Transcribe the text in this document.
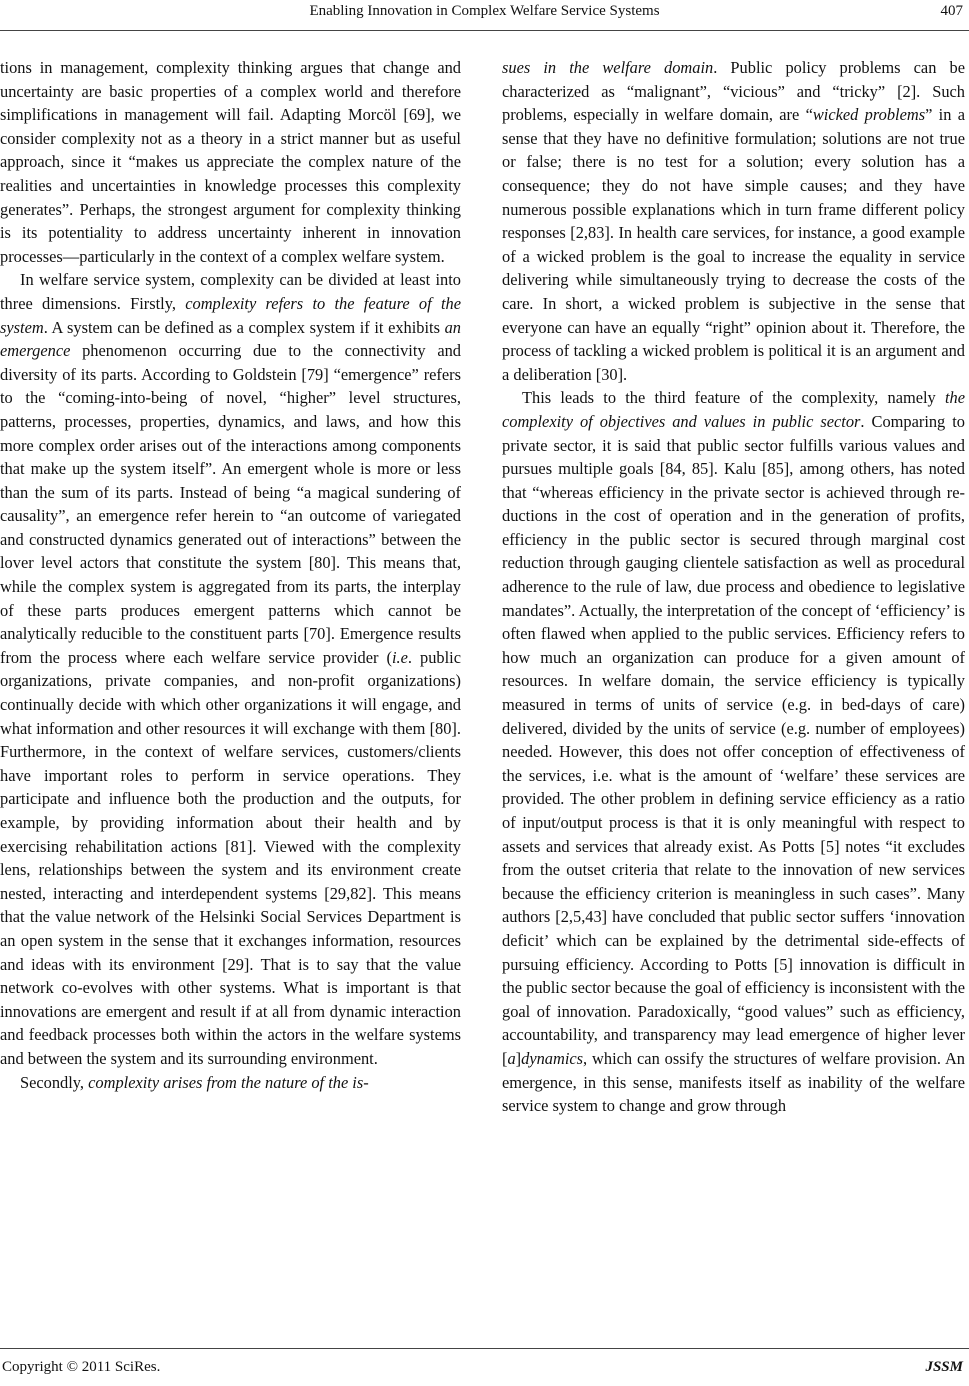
Enabling Innovation in Complex Welfare Service Systems	407

tions in management, complexity thinking argues that change and uncertainty are basic properties of a complex world and therefore simplifications in management will fail. Adapting Morcöl [69], we consider complexity not as a theory in a strict manner but as useful approach, since it “makes us appreciate the complex nature of the realities and uncertainties in knowledge processes this complexity generates”. Perhaps, the strongest argument for complexity thinking is its potentiality to address uncertainty inherent in innovation processes—particularly in the context of a complex welfare system.

In welfare service system, complexity can be divided at least into three dimensions. Firstly, complexity refers to the feature of the system. A system can be defined as a complex system if it exhibits an emergence phenomenon occurring due to the connectivity and diversity of its parts. According to Goldstein [79] “emergence” refers to the “coming-into-being of novel, “higher” level structures, patterns, processes, properties, dynamics, and laws, and how this more complex order arises out of the interactions among components that make up the system itself”. An emergent whole is more or less than the sum of its parts. Instead of being “a magical sundering of causality”, an emergence refer herein to “an outcome of variegated and constructed dynamics generated out of interactions” between the lover level actors that constitute the system [80]. This means that, while the complex system is aggregated from its parts, the interplay of these parts produces emergent patterns which cannot be analytically reducible to the constituent parts [70]. Emergence results from the process where each welfare service provider (i.e. public organizations, private companies, and non-profit organizations) continually decide with which other organizations it will engage, and what information and other resources it will exchange with them [80]. Furthermore, in the context of welfare services, customers/clients have important roles to perform in service operations. They participate and influence both the production and the outputs, for example, by providing information about their health and by exercising rehabilitation actions [81]. Viewed with the complexity lens, relationships between the system and its environment create nested, interacting and interdependent systems [29,82]. This means that the value network of the Helsinki Social Services Department is an open system in the sense that it exchanges information, resources and ideas with its environment [29]. That is to say that the value network co-evolves with other systems. What is important is that innovations are emergent and result if at all from dynamic interaction and feedback processes both within the actors in the welfare systems and between the system and its surrounding environment.

Secondly, complexity arises from the nature of the is-

sues in the welfare domain. Public policy problems can be characterized as “malignant”, “vicious” and “tricky” [2]. Such problems, especially in welfare domain, are “wicked problems” in a sense that they have no definitive formulation; solutions are not true or false; there is no test for a solution; every solution has a consequence; they do not have simple causes; and they have numerous possible explanations which in turn frame different policy responses [2,83]. In health care services, for instance, a good example of a wicked problem is the goal to increase the equality in service delivering while simultaneously trying to decrease the costs of the care. In short, a wicked problem is subjective in the sense that everyone can have an equally “right” opinion about it. Therefore, the process of tackling a wicked problem is political it is an argument and a deliberation [30].

This leads to the third feature of the complexity, namely the complexity of objectives and values in public sector. Comparing to private sector, it is said that public sector fulfills various values and pursues multiple goals [84, 85]. Kalu [85], among others, has noted that “whereas efficiency in the private sector is achieved through reductions in the cost of operation and in the generation of profits, efficiency in the public sector is secured through marginal cost reduction through gauging clientele satisfaction as well as procedural adherence to the rule of law, due process and obedience to legislative mandates”. Actually, the interpretation of the concept of ‘efficiency’ is often flawed when applied to the public services. Efficiency refers to how much an organization can produce for a given amount of resources. In welfare domain, the service efficiency is typically measured in terms of units of service (e.g. in bed-days of care) delivered, divided by the units of service (e.g. number of employees) needed. However, this does not offer conception of effectiveness of the services, i.e. what is the amount of ‘welfare’ these services are provided. The other problem in defining service efficiency as a ratio of input/output process is that it is only meaningful with respect to assets and services that already exist. As Potts [5] notes “it excludes from the outset criteria that relate to the innovation of new services because the efficiency criterion is meaningless in such cases”. Many authors [2,5,43] have concluded that public sector suffers ‘innovation deficit’ which can be explained by the detrimental side-effects of pursuing efficiency. According to Potts [5] innovation is difficult in the public sector because the goal of efficiency is inconsistent with the goal of innovation. Paradoxically, “good values” such as efficiency, accountability, and transparency may lead emergence of higher lever [a]dynamics, which can ossify the structures of welfare provision. An emergence, in this sense, manifests itself as inability of the welfare service system to change and grow through

Copyright © 2011 SciRes.	JSSM
